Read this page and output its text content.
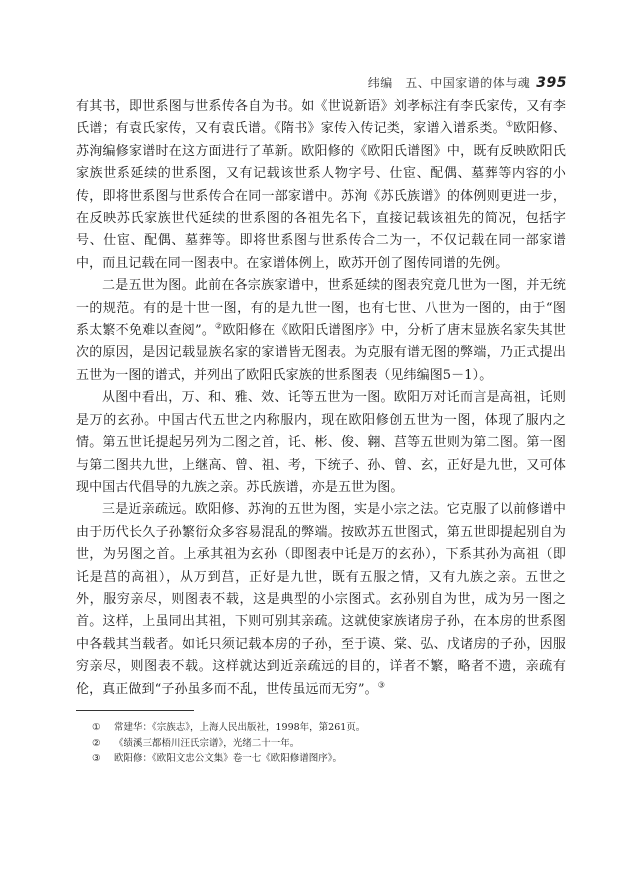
纬编　五、中国家谱的体与魂 395

有其书，即世系图与世系传各自为书。如《世说新语》刘孝标注有李氏家传，又有李氏谱；有袁氏家传，又有袁氏谱。《隋书》家传入传记类，家谱入谱系类。①欧阳修、苏洵编修家谱时在这方面进行了革新。欧阳修的《欧阳氏谱图》中，既有反映欧阳氏家族世系延续的世系图，又有记载该世系人物字号、仕宦、配偶、墓葬等内容的小传，即将世系图与世系传合在同一部家谱中。苏洵《苏氏族谱》的体例则更进一步，在反映苏氏家族世代延续的世系图的各祖先名下，直接记载该祖先的简况，包括字号、仕宦、配偶、墓葬等。即将世系图与世系传合二为一，不仅记载在同一部家谱中，而且记载在同一图表中。在家谱体例上，欧苏开创了图传同谱的先例。

二是五世为图。此前在各宗族家谱中，世系延续的图表究竟几世为一图，并无统一的规范。有的是十世一图，有的是九世一图，也有七世、八世为一图的，由于“图系太繁不免难以查阅”。②欧阳修在《欧阳氏谱图序》中，分析了唐末显族名家失其世次的原因，是因记载显族名家的家谱皆无图表。为克服有谱无图的弊端，乃正式提出五世为一图的谱式，并列出了欧阳氏家族的世系图表（见纬编图5－1）。

从图中看出，万、和、雅、效、讬等五世为一图。欧阳万对讬而言是高祖，讬则是万的玄孙。中国古代五世之内称服内，现在欧阳修创五世为一图，体现了服内之情。第五世讬提起另列为二图之首，讬、彬、俊、翱、莒等五世则为第二图。第一图与第二图共九世，上继高、曾、祖、考，下统子、孙、曾、玄，正好是九世，又可体现中国古代倡导的九族之亲。苏氏族谱，亦是五世为图。

三是近亲疏远。欧阳修、苏洵的五世为图，实是小宗之法。它克服了以前修谱中由于历代长久子孙繁衍众多容易混乱的弊端。按欧苏五世图式，第五世即提起别自为世，为另图之首。上承其祖为玄孙（即图表中讬是万的玄孙），下系其孙为高祖（即讬是莒的高祖），从万到莒，正好是九世，既有五服之情，又有九族之亲。五世之外，服穷亲尽，则图表不载，这是典型的小宗图式。玄孙别自为世，成为另一图之首。这样，上虽同出其祖，下则可别其亲疏。这就使家族诸房子孙，在本房的世系图中各载其当载者。如讬只须记载本房的子孙，至于谟、棠、弘、戊诸房的子孙，因服穷亲尽，则图表不载。这样就达到近亲疏远的目的，详者不繁，略者不遗，亲疏有伦，真正做到“子孙虽多而不乱，世传虽远而无穷”。③

① 常建华：《宗族志》，上海人民出版社，1998年，第261页。
② 《绩溪三都梧川汪氏宗谱》，光绪二十一年。
③ 欧阳修：《欧阳文忠公文集》卷一七《欧阳修谱图序》。
